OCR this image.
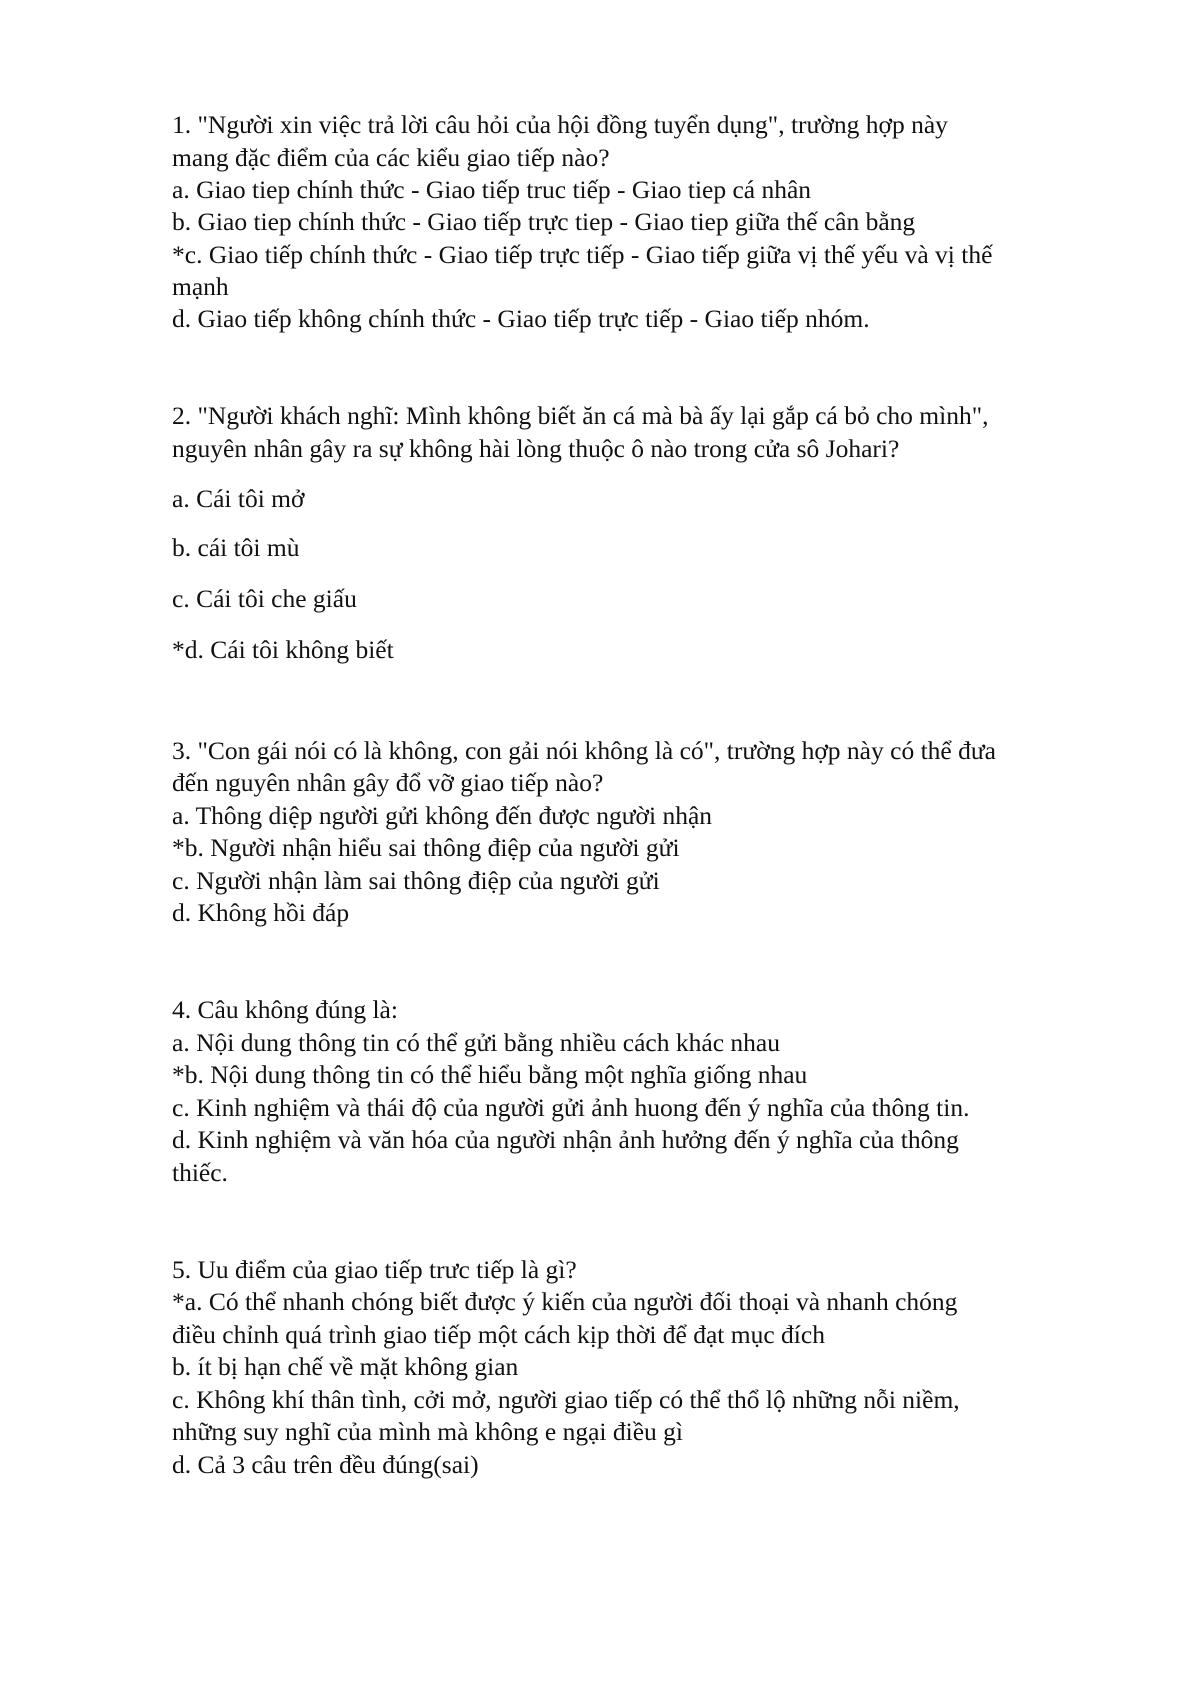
1. "Người xin việc trả lời câu hỏi của hội đồng tuyển dụng", trường hợp này

mang đặc điểm của các kiểu giao tiếp nào?

a. Giao tiep chính thức - Giao tiếp truc tiếp - Giao tiep cá nhân

b. Giao tiep chính thức - Giao tiếp trực tiep - Giao tiep giữa thế cân bằng

*c. Giao tiếp chính thức - Giao tiếp trực tiếp - Giao tiếp giữa vị thế yếu và vị thế

mạnh

d. Giao tiếp không chính thức - Giao tiếp trực tiếp - Giao tiếp nhóm.

2. "Người khách nghĩ: Mình không biết ăn cá mà bà ấy lại gắp cá bỏ cho mình",

nguyên nhân gây ra sự không hài lòng thuộc ô nào trong cửa sô Johari?

a. Cái tôi mở

b. cái tôi mù

c. Cái tôi che giấu

*d. Cái tôi không biết

3. "Con gái nói có là không, con gải nói không là có", trường hợp này có thể đưa

đến nguyên nhân gây đổ vỡ giao tiếp nào?

a. Thông diệp người gửi không đến được người nhận

*b. Người nhận hiểu sai thông điệp của người gửi

c. Người nhận làm sai thông điệp của người gửi

d. Không hồi đáp

4. Câu không đúng là:

a. Nội dung thông tin có thể gửi bằng nhiều cách khác nhau

*b. Nội dung thông tin có thể hiểu bằng một nghĩa giống nhau

c. Kinh nghiệm và thái độ của người gửi ảnh huong đến ý nghĩa của thông tin.

d. Kinh nghiệm và văn hóa của người nhận ảnh hưởng đến ý nghĩa của thông

thiếc.

5. Uu điểm của giao tiếp trưc tiếp là gì?

*a. Có thể nhanh chóng biết được ý kiến của người đối thoại và nhanh chóng

điều chỉnh quá trình giao tiếp một cách kịp thời để đạt mục đích

b. ít bị hạn chế về mặt không gian

c. Không khí thân tình, cởi mở, người giao tiếp có thể thổ lộ những nỗi niềm,

những suy nghĩ của mình mà không e ngại điều gì

d. Cả 3 câu trên đều đúng(sai)
